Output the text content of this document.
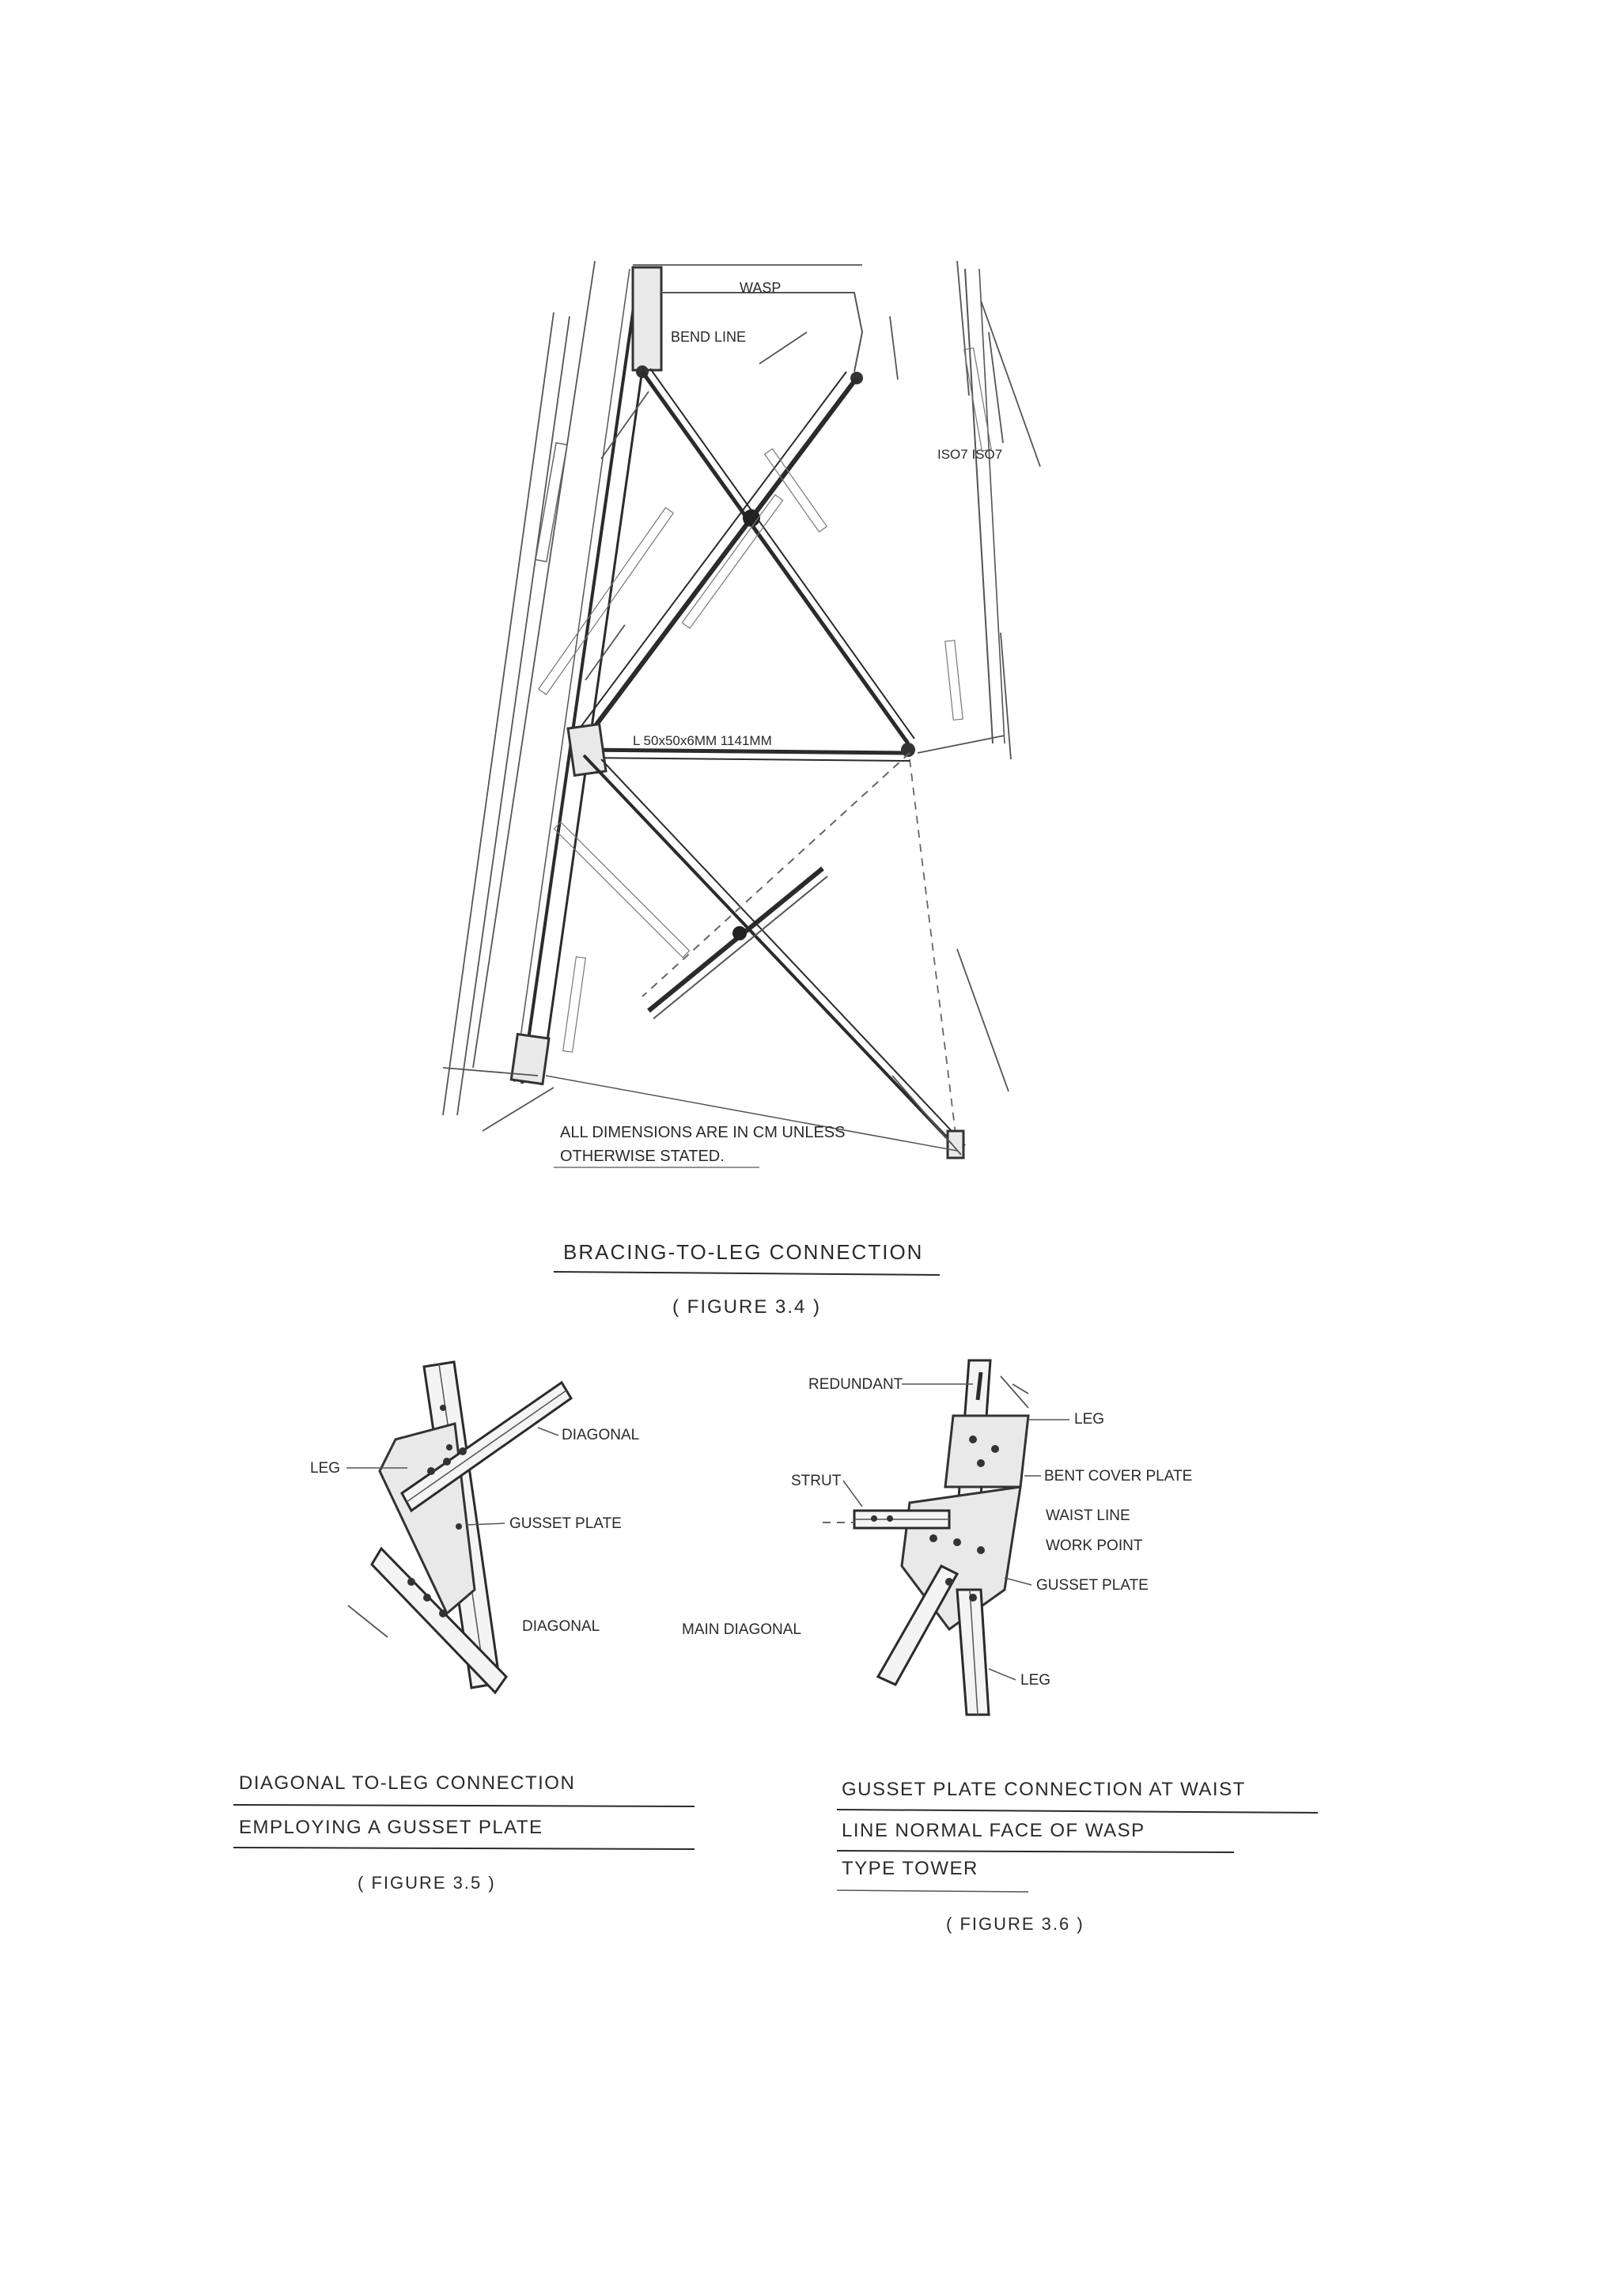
WASP
BEND LINE
ISO7 ISO7
L 50x50x6MM 1141MM
ALL DIMENSIONS ARE IN CM UNLESS
OTHERWISE STATED.
BRACING-TO-LEG CONNECTION
( FIGURE 3.4 )
LEG
DIAGONAL
GUSSET PLATE
DIAGONAL
DIAGONAL TO-LEG CONNECTION
EMPLOYING A GUSSET PLATE
( FIGURE 3.5 )
REDUNDANT
LEG
BENT COVER PLATE
STRUT
WAIST LINE
WORK POINT
GUSSET PLATE
MAIN DIAGONAL
LEG
GUSSET PLATE CONNECTION AT WAIST
LINE NORMAL FACE OF WASP
TYPE TOWER
( FIGURE 3.6 )
